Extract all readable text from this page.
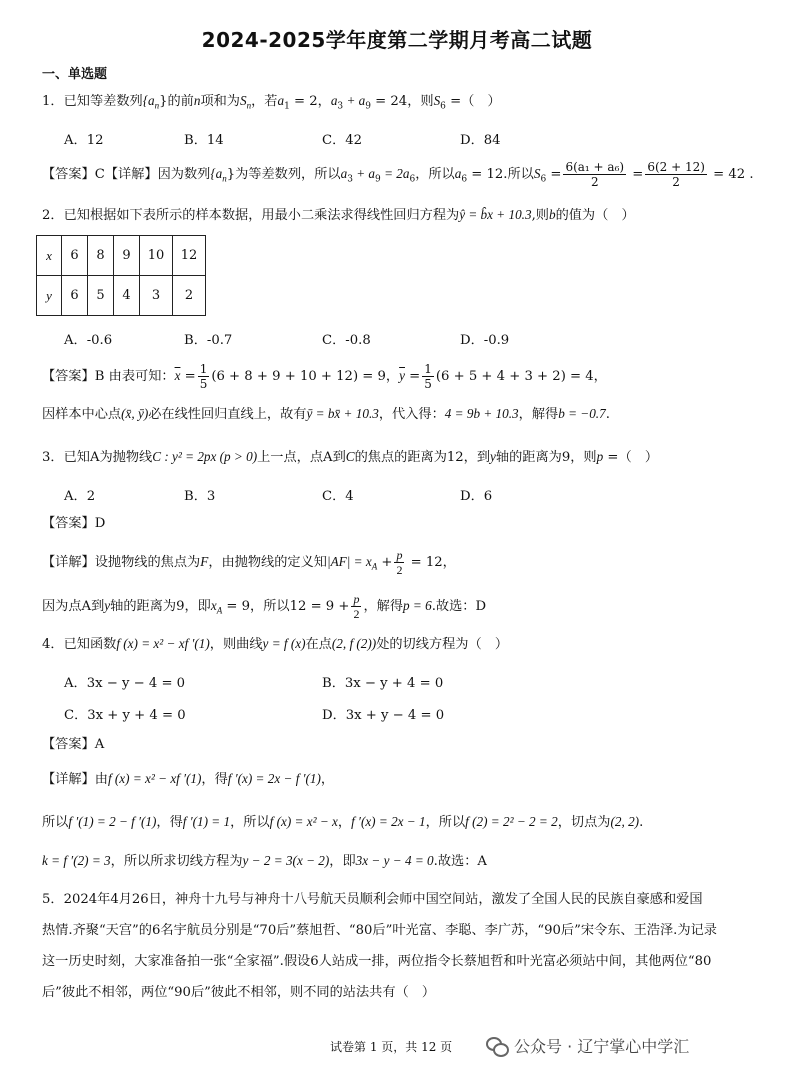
2024-2025学年度第二学期月考高二试题
一、单选题
1．已知等差数列$\{a_n\}$的前n项和为$S_n$，若$a_1 = 2$，$a_3 + a_9 = 24$，则$S_6$ =（　）
A．12	B．14	C．42	D．84
【答案】C【详解】因为数列$\{a_n\}$为等差数列，所以$a_3 + a_9 = 2a_6$，所以$a_6 = 12$.所以$S_6 = \frac{\text{6(a₁ + a₆)}}{2} = \frac{6(2 + 12)}{2} = 42$ .
2．已知根据如下表所示的样本数据，用最小二乘法求得线性回归方程为ŷ = b̂x + 10.3,则b的值为（　）
x	6	8	9	10	12
y	6	5	4	3	2
A．-0.6	B．-0.7	C．-0.8	D．-0.9
【答案】B 由表可知：$\overline{x} = \frac{1}{5} (6 + 8 + 9 + 10 + 12) = 9$，$\overline{y} = \frac{1}{5} (6 + 5 + 4 + 3 + 2) = 4$，
因样本中心点(x̄, ȳ)必在线性回归直线上，故有ȳ = bx̄ + 10.3，代入得：4 = 9b + 10.3，解得b = −0.7.
3．已知A为抛物线C : y² = 2px (p > 0)上一点，点A到C的焦点的距离为12，到y轴的距离为9，则p =（　）
A．2	B．3	C．4	D．6
【答案】D
【详解】设抛物线的焦点为F，由抛物线的定义知$|AF| = x_A + \frac{p}{2} = 12$，
因为点A到y轴的距离为9，即$x_A = 9$，所以$12 = 9 + \frac{p}{2}$ ，解得p = 6.故选：D
4．已知函数f (x) = x² − xf ′(1)，则曲线y = f (x)在点(2, f (2))处的切线方程为（　）
A．3x − y − 4 = 0	B．3x − y + 4 = 0
C．3x + y + 4 = 0	D．3x + y − 4 = 0
【答案】A
【详解】由f (x) = x² − xf ′(1)，得f ′(x) = 2x − f ′(1)，
所以f ′(1) = 2 − f ′(1)，得f ′(1) = 1，所以f (x) = x² − x，f ′(x) = 2x − 1，所以f (2) = 2² − 2 = 2，切点为(2, 2).
k = f ′(2) = 3，所以所求切线方程为y − 2 = 3(x − 2)，即3x − y − 4 = 0.故选：A
5．2024年4月26日，神舟十九号与神舟十八号航天员顺利会师中国空间站，激发了全国人民的民族自豪感和爱国
热情.齐聚“天宫”的6名宇航员分别是“70后”蔡旭哲、“80后”叶光富、李聪、李广苏，“90后”宋令东、王浩泽.为记录
这一历史时刻，大家准备拍一张“全家福”.假设6人站成一排，两位指令长蔡旭哲和叶光富必须站中间，其他两位“80
后”彼此不相邻，两位“90后”彼此不相邻，则不同的站法共有（　）
试卷第 1 页，共 12 页	公众号 · 辽宁掌心中学汇
